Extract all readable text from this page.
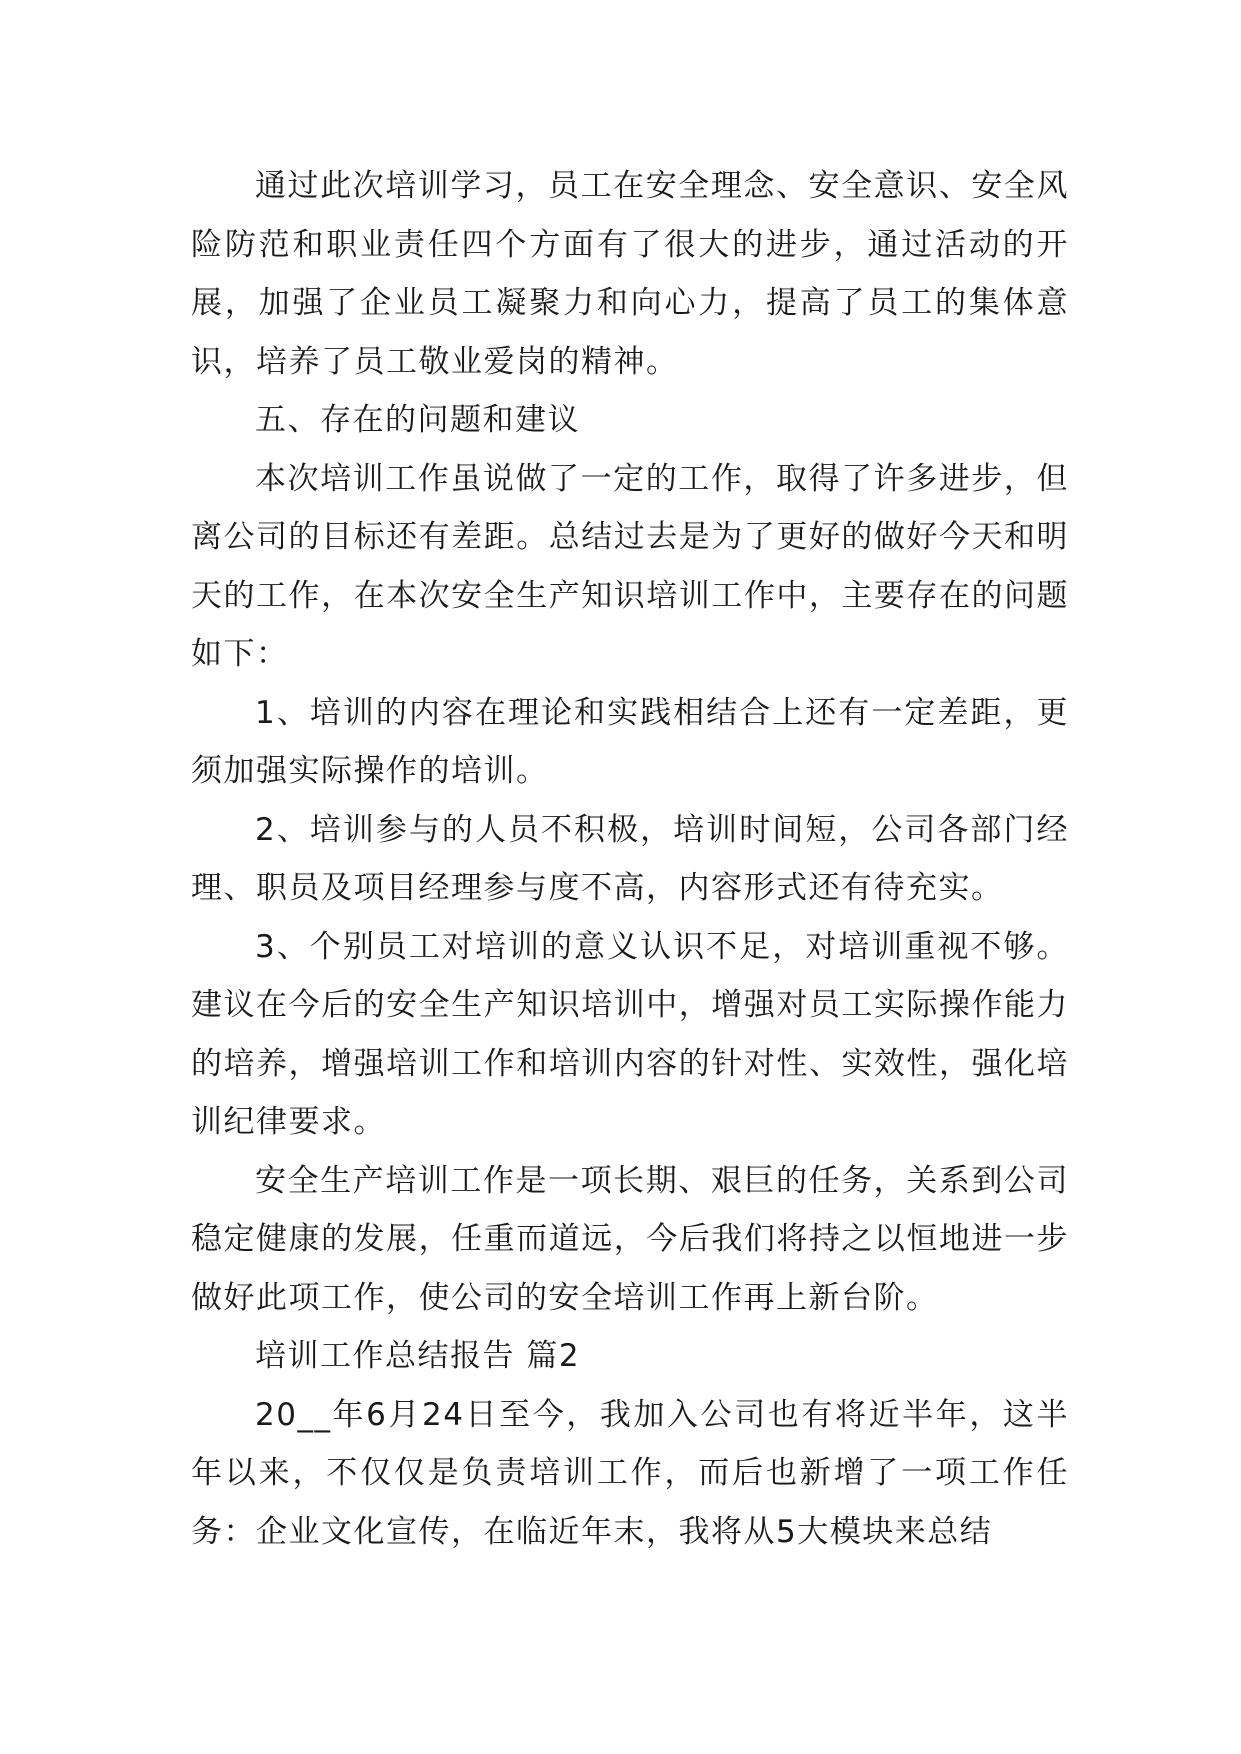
通过此次培训学习，员工在安全理念、安全意识、安全风险防范和职业责任四个方面有了很大的进步，通过活动的开展，加强了企业员工凝聚力和向心力，提高了员工的集体意识，培养了员工敬业爱岗的精神。

五、存在的问题和建议

本次培训工作虽说做了一定的工作，取得了许多进步，但离公司的目标还有差距。总结过去是为了更好的做好今天和明天的工作，在本次安全生产知识培训工作中，主要存在的问题如下：

1、培训的内容在理论和实践相结合上还有一定差距，更须加强实际操作的培训。

2、培训参与的人员不积极，培训时间短，公司各部门经理、职员及项目经理参与度不高，内容形式还有待充实。

3、个别员工对培训的意义认识不足，对培训重视不够。建议在今后的安全生产知识培训中，增强对员工实际操作能力的培养，增强培训工作和培训内容的针对性、实效性，强化培训纪律要求。

安全生产培训工作是一项长期、艰巨的任务，关系到公司稳定健康的发展，任重而道远，今后我们将持之以恒地进一步做好此项工作，使公司的安全培训工作再上新台阶。

培训工作总结报告 篇2

20__年6月24日至今，我加入公司也有将近半年，这半年以来，不仅仅是负责培训工作，而后也新增了一项工作任务：企业文化宣传，在临近年末，我将从5大模块来总结
